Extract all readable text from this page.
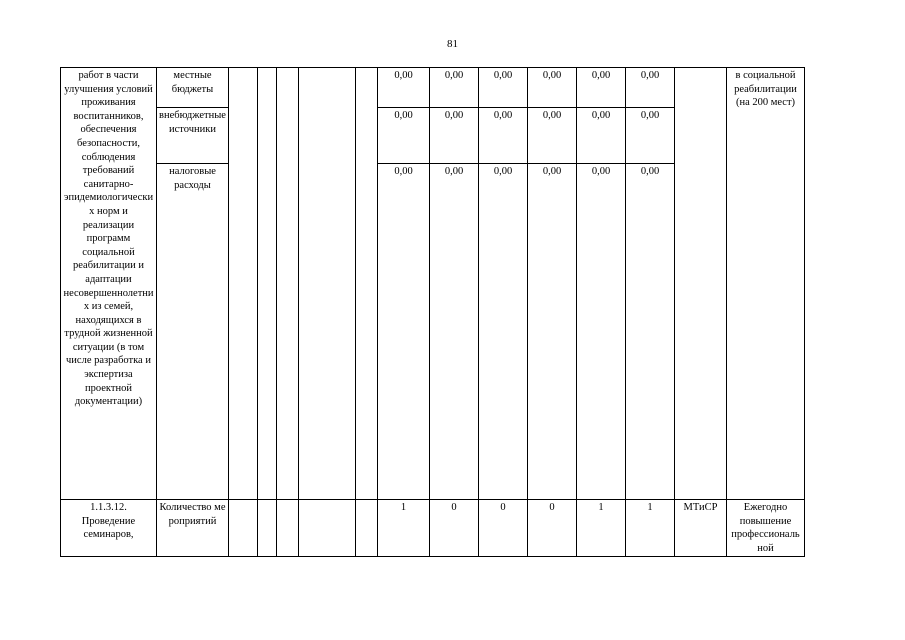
81
работ в части улучшения условий проживания воспитанников, обеспечения безопасности, соблюдения требований санитарно-эпидемиологических норм и реализации программ социальной реабилитации и адаптации несовершеннолетних из семей, находящихся в трудной жизненной ситуации (в том числе разработка и экспертиза проектной документации)	местные бюджеты						0,00	0,00	0,00	0,00	0,00	0,00		в социальной реабилитации (на 200 мест)
	внебюджетные источники						0,00	0,00	0,00	0,00	0,00	0,00		
	налоговые расходы						0,00	0,00	0,00	0,00	0,00	0,00		
1.1.3.12. Проведение семинаров,	Количество мероприятий						1	0	0	0	1	1	МТиСР	Ежегодно повышение профессиональной
